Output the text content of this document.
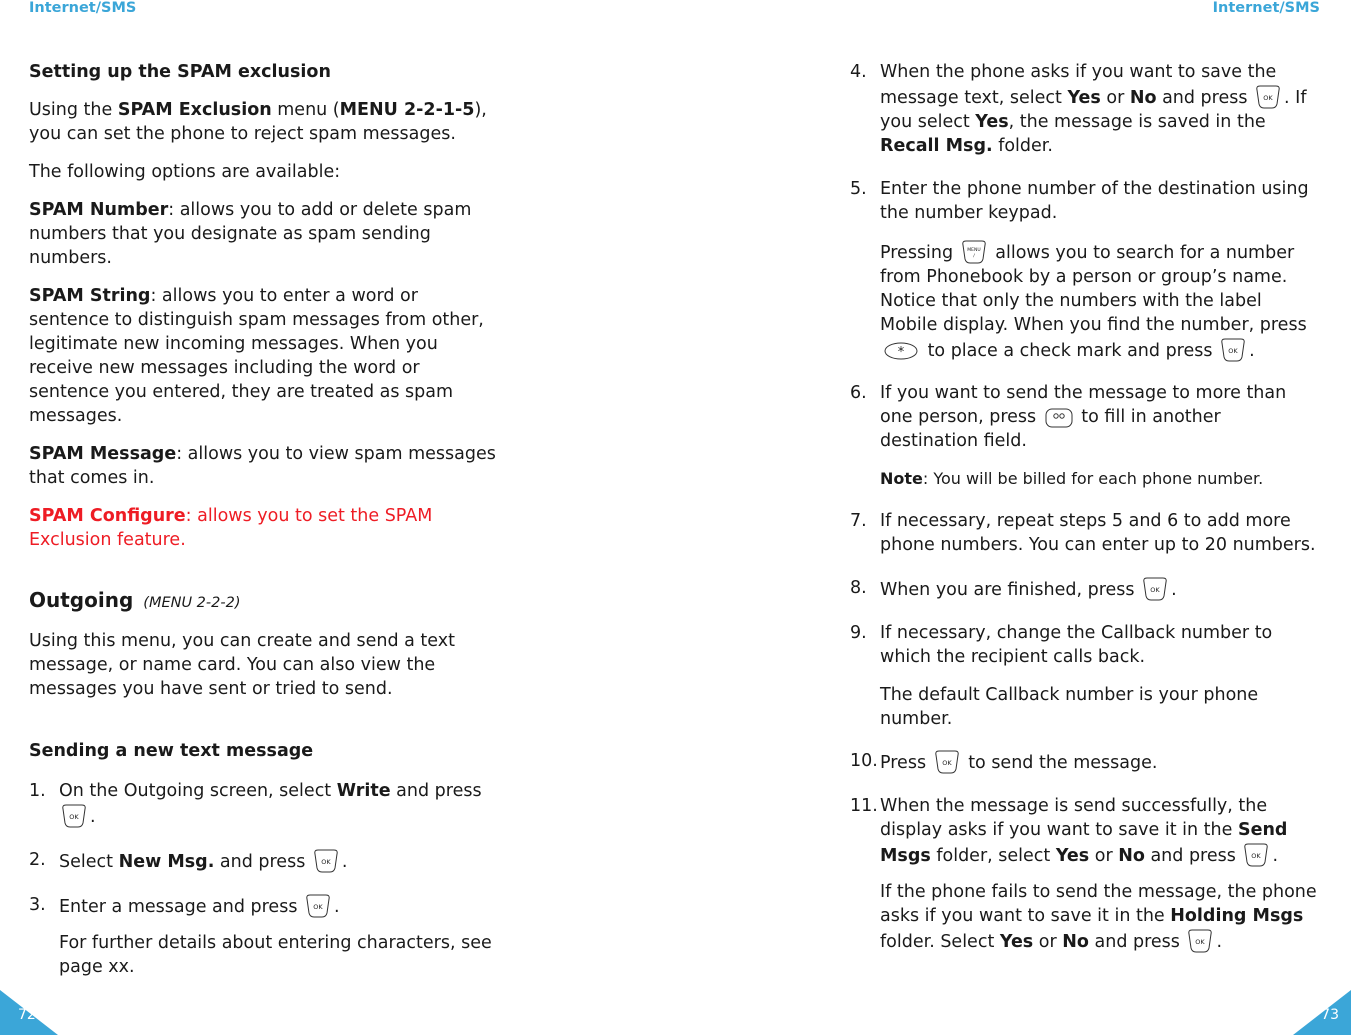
Internet/SMS	Internet/SMS

Setting up the SPAM exclusion

Using the SPAM Exclusion menu (MENU 2-2-1-5), you can set the phone to reject spam messages.

The following options are available:

SPAM Number: allows you to add or delete spam numbers that you designate as spam sending numbers.

SPAM String: allows you to enter a word or sentence to distinguish spam messages from other, legitimate new incoming messages. When you receive new messages including the word or sentence you entered, they are treated as spam messages.

SPAM Message: allows you to view spam messages that comes in.

SPAM Configure: allows you to set the SPAM Exclusion feature.

Outgoing (MENU 2-2-2)

Using this menu, you can create and send a text message, or name card. You can also view the messages you have sent or tried to send.

Sending a new text message
1. On the Outgoing screen, select Write and press .
2. Select New Msg. and press .
3. Enter a message and press .

For further details about entering characters, see page xx.

4. When the phone asks if you want to save the message text, select Yes or No and press . If you select Yes, the message is saved in the Recall Msg. folder.
5. Enter the phone number of the destination using the number keypad.

Pressing  allows you to search for a number from Phonebook by a person or group’s name. Notice that only the numbers with the label Mobile display. When you find the number, press  to place a check mark and press .

6. If you want to send the message to more than one person, press  to fill in another destination field.

Note: You will be billed for each phone number.

7. If necessary, repeat steps 5 and 6 to add more phone numbers. You can enter up to 20 numbers.
8. When you are finished, press .
9. If necessary, change the Callback number to which the recipient calls back.

The default Callback number is your phone number.

10. Press  to send the message.
11. When the message is send successfully, the display asks if you want to save it in the Send Msgs folder, select Yes or No and press .

If the phone fails to send the message, the phone asks if you want to save it in the Holding Msgs folder. Select Yes or No and press .

72	73
